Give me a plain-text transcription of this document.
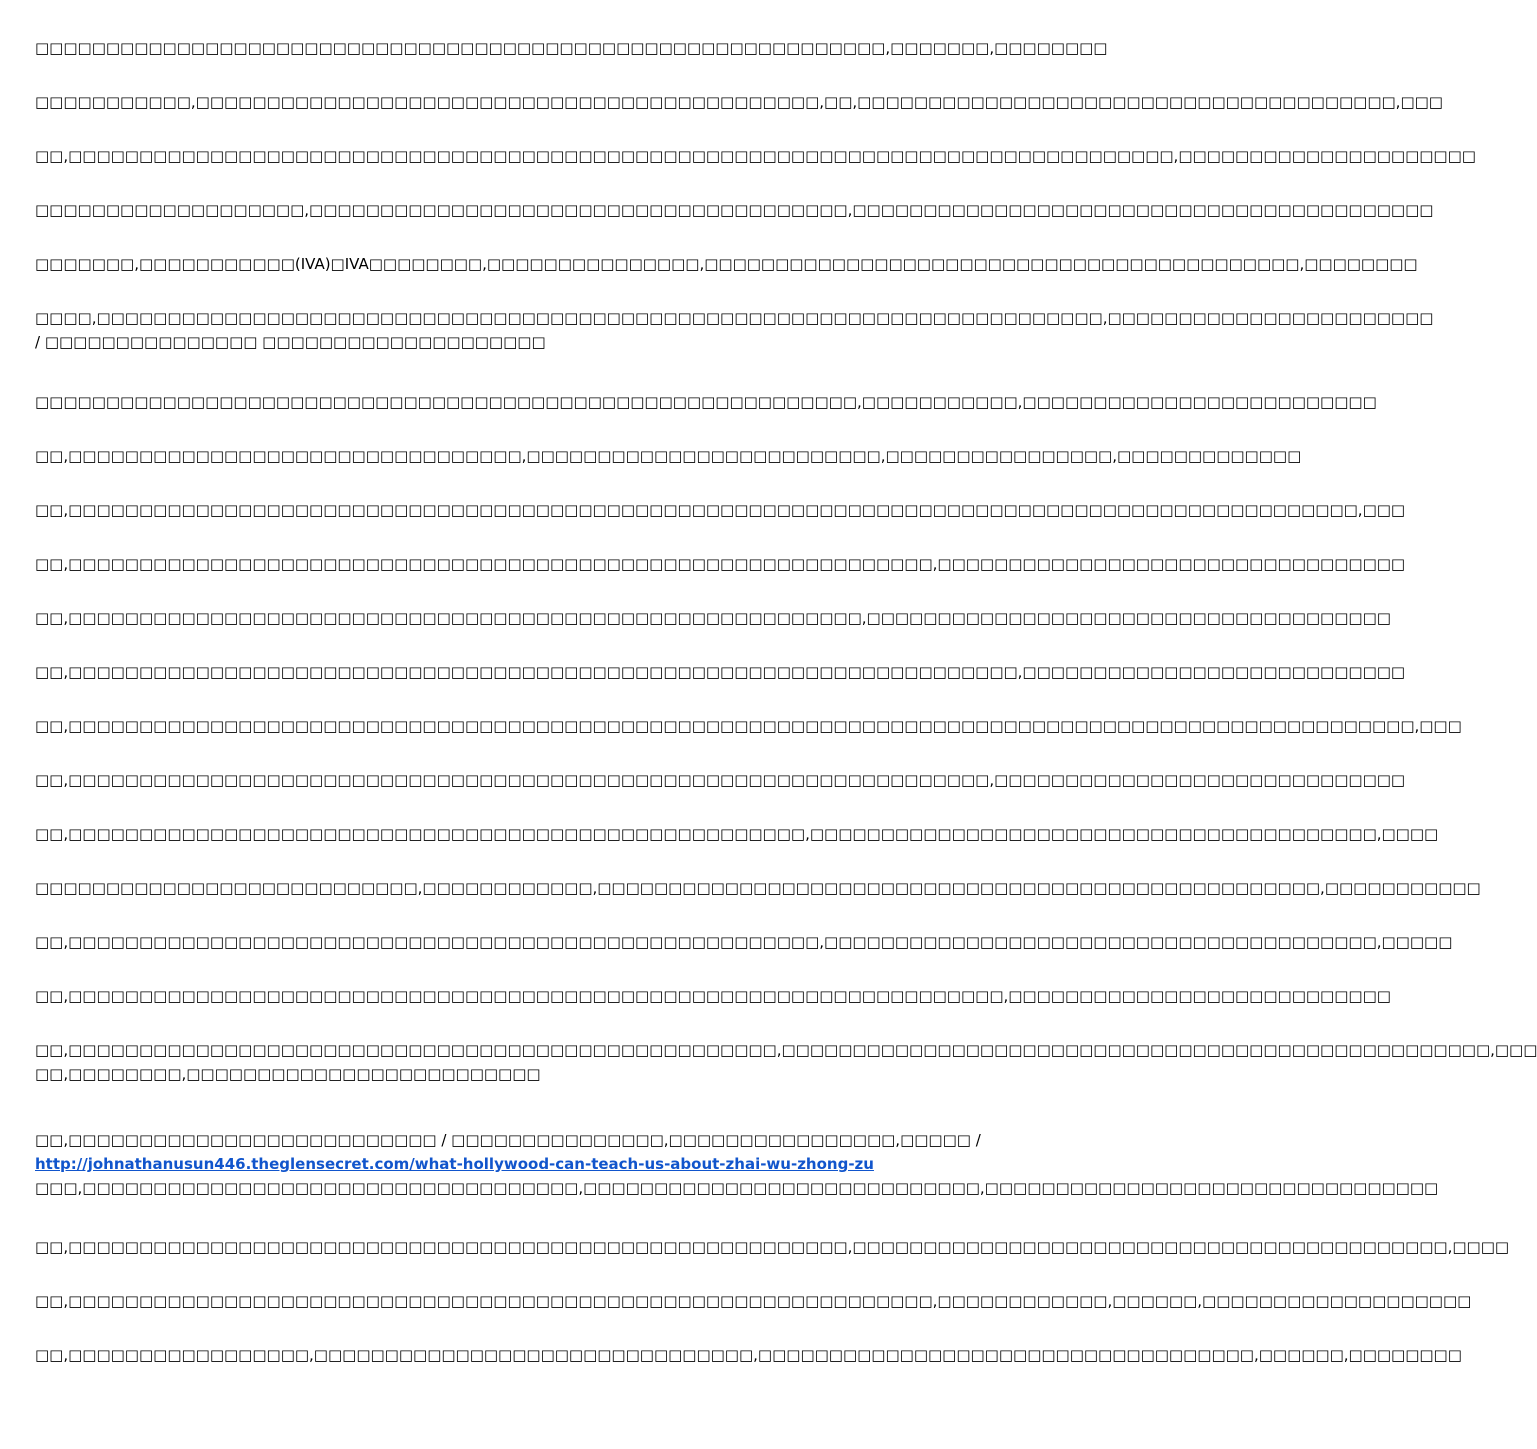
□□□□□□□□□□□□□□□□□□□□□□□□□□□□□□□□□□□□□□□□□□□□□□□□□□□□□□□□□□□□,□□□□□□□,□□□□□□□□
□□□□□□□□□□□,□□□□□□□□□□□□□□□□□□□□□□□□□□□□□□□□□□□□□□□□□□□□,□□,□□□□□□□□□□□□□□□□□□□□□□□□□□□□□□□□□□□□□□,□□□
□□,□□□□□□□□□□□□□□□□□□□□□□□□□□□□□□□□□□□□□□□□□□□□□□□□□□□□□□□□□□□□□□□□□□□□□□□□□□□□□□,□□□□□□□□□□□□□□□□□□□□□
□□□□□□□□□□□□□□□□□□□,□□□□□□□□□□□□□□□□□□□□□□□□□□□□□□□□□□□□□□,□□□□□□□□□□□□□□□□□□□□□□□□□□□□□□□□□□□□□□□□□
□□□□□□□,□□□□□□□□□□□(IVA)□IVA□□□□□□□□,□□□□□□□□□□□□□□□,□□□□□□□□□□□□□□□□□□□□□□□□□□□□□□□□□□□□□□□□□□,□□□□□□□□
□□□□,□□□□□□□□□□□□□□□□□□□□□□□□□□□□□□□□□□□□□□□□□□□□□□□□□□□□□□□□□□□□□□□□□□□□□□□,□□□□□□□□□□□□□□□□□□□□□□□
/ □□□□□□□□□□□□□□□ □□□□□□□□□□□□□□□□□□□□
□□□□□□□□□□□□□□□□□□□□□□□□□□□□□□□□□□□□□□□□□□□□□□□□□□□□□□□□□□,□□□□□□□□□□□,□□□□□□□□□□□□□□□□□□□□□□□□□
□□,□□□□□□□□□□□□□□□□□□□□□□□□□□□□□□□□,□□□□□□□□□□□□□□□□□□□□□□□□□,□□□□□□□□□□□□□□□□,□□□□□□□□□□□□□
□□,□□□□□□□□□□□□□□□□□□□□□□□□□□□□□□□□□□□□□□□□□□□□□□□□□□□□□□□□□□□□□□□□□□□□□□□□□□□□□□□□□□□□□□□□□□□,□□□
□□,□□□□□□□□□□□□□□□□□□□□□□□□□□□□□□□□□□□□□□□□□□□□□□□□□□□□□□□□□□□□□,□□□□□□□□□□□□□□□□□□□□□□□□□□□□□□□□□
□□,□□□□□□□□□□□□□□□□□□□□□□□□□□□□□□□□□□□□□□□□□□□□□□□□□□□□□□□□,□□□□□□□□□□□□□□□□□□□□□□□□□□□□□□□□□□□□□
□□,□□□□□□□□□□□□□□□□□□□□□□□□□□□□□□□□□□□□□□□□□□□□□□□□□□□□□□□□□□□□□□□□□□□,□□□□□□□□□□□□□□□□□□□□□□□□□□□
□□,□□□□□□□□□□□□□□□□□□□□□□□□□□□□□□□□□□□□□□□□□□□□□□□□□□□□□□□□□□□□□□□□□□□□□□□□□□□□□□□□□□□□□□□□□□□□□□□,□□□
□□,□□□□□□□□□□□□□□□□□□□□□□□□□□□□□□□□□□□□□□□□□□□□□□□□□□□□□□□□□□□□□□□□□,□□□□□□□□□□□□□□□□□□□□□□□□□□□□□
□□,□□□□□□□□□□□□□□□□□□□□□□□□□□□□□□□□□□□□□□□□□□□□□□□□□□□□,□□□□□□□□□□□□□□□□□□□□□□□□□□□□□□□□□□□□□□□□,□□□□
□□□□□□□□□□□□□□□□□□□□□□□□□□□,□□□□□□□□□□□□,□□□□□□□□□□□□□□□□□□□□□□□□□□□□□□□□□□□□□□□□□□□□□□□□□□□,□□□□□□□□□□□
□□,□□□□□□□□□□□□□□□□□□□□□□□□□□□□□□□□□□□□□□□□□□□□□□□□□□□□□,□□□□□□□□□□□□□□□□□□□□□□□□□□□□□□□□□□□□□□□,□□□□□
□□,□□□□□□□□□□□□□□□□□□□□□□□□□□□□□□□□□□□□□□□□□□□□□□□□□□□□□□□□□□□□□□□□□□,□□□□□□□□□□□□□□□□□□□□□□□□□□□
□□,□□□□□□□□□□□□□□□□□□□□□□□□□□□□□□□□□□□□□□□□□□□□□□□□□□,□□□□□□□□□□□□□□□□□□□□□□□□□□□□□□□□□□□□□□□□□□□□□□□□□□,□□□
□□,□□□□□□□□,□□□□□□□□□□□□□□□□□□□□□□□□□
□□,□□□□□□□□□□□□□□□□□□□□□□□□□□ / □□□□□□□□□□□□□□□,□□□□□□□□□□□□□□□□,□□□□□ /
http://johnathanusun446.theglensecret.com/what-hollywood-can-teach-us-about-zhai-wu-zhong-zu
□□□,□□□□□□□□□□□□□□□□□□□□□□□□□□□□□□□□□□□,□□□□□□□□□□□□□□□□□□□□□□□□□□□□,□□□□□□□□□□□□□□□□□□□□□□□□□□□□□□□□
□□,□□□□□□□□□□□□□□□□□□□□□□□□□□□□□□□□□□□□□□□□□□□□□□□□□□□□□□□,□□□□□□□□□□□□□□□□□□□□□□□□□□□□□□□□□□□□□□□□□□,□□□□
□□,□□□□□□□□□□□□□□□□□□□□□□□□□□□□□□□□□□□□□□□□□□□□□□□□□□□□□□□□□□□□□,□□□□□□□□□□□□,□□□□□□,□□□□□□□□□□□□□□□□□□□
□□,□□□□□□□□□□□□□□□□□,□□□□□□□□□□□□□□□□□□□□□□□□□□□□□□□,□□□□□□□□□□□□□□□□□□□□□□□□□□□□□□□□□□□,□□□□□□,□□□□□□□□
